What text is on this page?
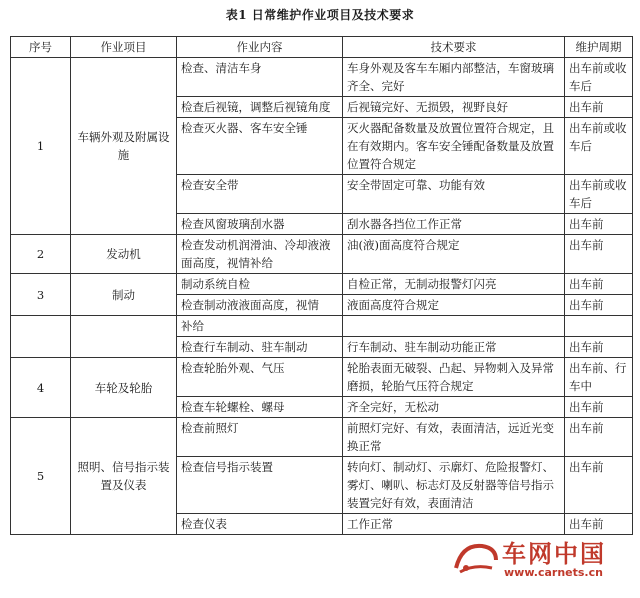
表1 日常维护作业项目及技术要求
序号	作业项目	作业内容	技术要求	维护周期
1	车辆外观及附属设施	检查、清洁车身	车身外观及客车车厢内部整洁，车窗玻璃齐全、完好	出车前或收车后
		检查后视镜，调整后视镜角度	后视镜完好、无损毁，视野良好	出车前
		检查灭火器、客车安全锤	灭火器配备数量及放置位置符合规定，且在有效期内。客车安全锤配备数量及放置位置符合规定	出车前或收车后
		检查安全带	安全带固定可靠、功能有效	出车前或收车后
		检查风窗玻璃刮水器	刮水器各挡位工作正常	出车前
2	发动机	检查发动机润滑油、冷却液液面高度，视情补给	油(液)面高度符合规定	出车前
3	制动	制动系统自检	自检正常，无制动报警灯闪亮	出车前
		检查制动液液面高度，视情	液面高度符合规定	出车前
		补给		
		检查行车制动、驻车制动	行车制动、驻车制动功能正常	出车前
4	车轮及轮胎	检查轮胎外观、气压	轮胎表面无破裂、凸起、异物刺入及异常磨损，轮胎气压符合规定	出车前、行车中
		检查车轮螺栓、螺母	齐全完好，无松动	出车前
5	照明、信号指示装置及仪表	检查前照灯	前照灯完好、有效，表面清洁，远近光变换正常	出车前
		检查信号指示装置	转向灯、制动灯、示廓灯、危险报警灯、雾灯、喇叭、标志灯及反射器等信号指示装置完好有效，表面清洁	出车前
		检查仪表	工作正常	出车前
车网中国
www.carnets.cn
